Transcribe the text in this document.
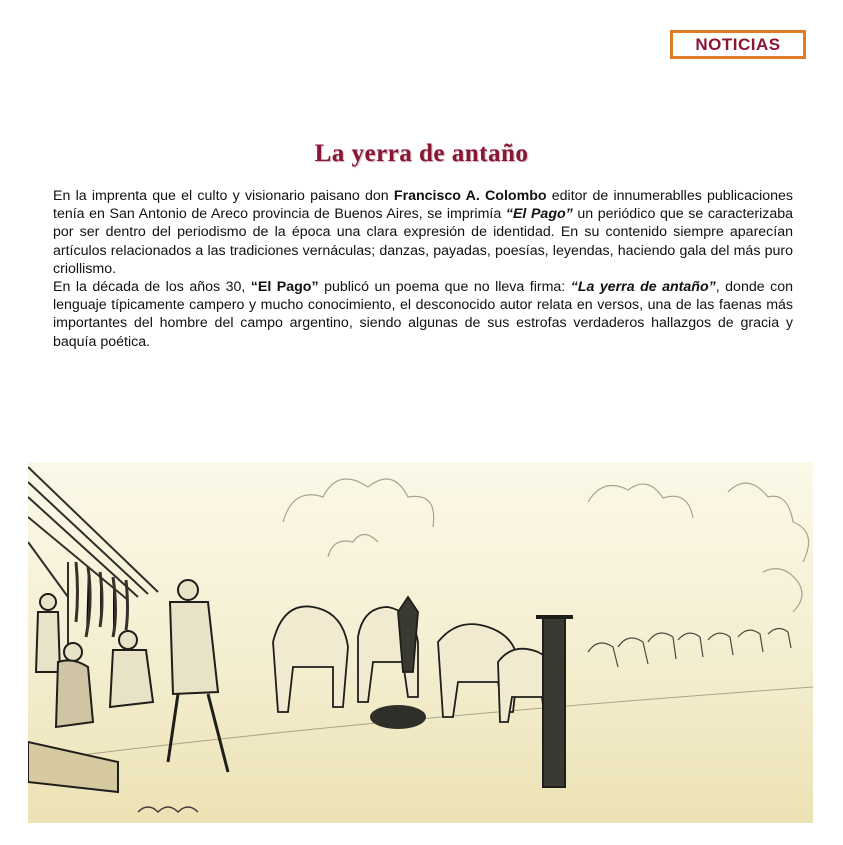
NOTICIAS
La yerra de antaño

En la imprenta que el culto y visionario paisano don Francisco A. Colombo editor de innumerablles publicaciones tenía en San Antonio de Areco provincia de Buenos Aires, se imprimía “El Pago” un periódico que se caracterizaba por ser dentro del periodismo de la época una clara expresión de identidad. En su contenido siempre aparecían artículos relacionados a las tradiciones vernáculas; danzas, payadas, poesías, leyendas, haciendo gala del más puro criollismo.

En la década de los años 30, “El Pago” publicó un poema que no lleva firma: “La yerra de antaño”, donde con lenguaje típicamente campero y mucho conocimiento, el desconocido autor relata en versos, una de las faenas más importantes del hombre del campo argentino, siendo algunas de sus estrofas verdaderos hallazgos de gracia y baquía poética.
